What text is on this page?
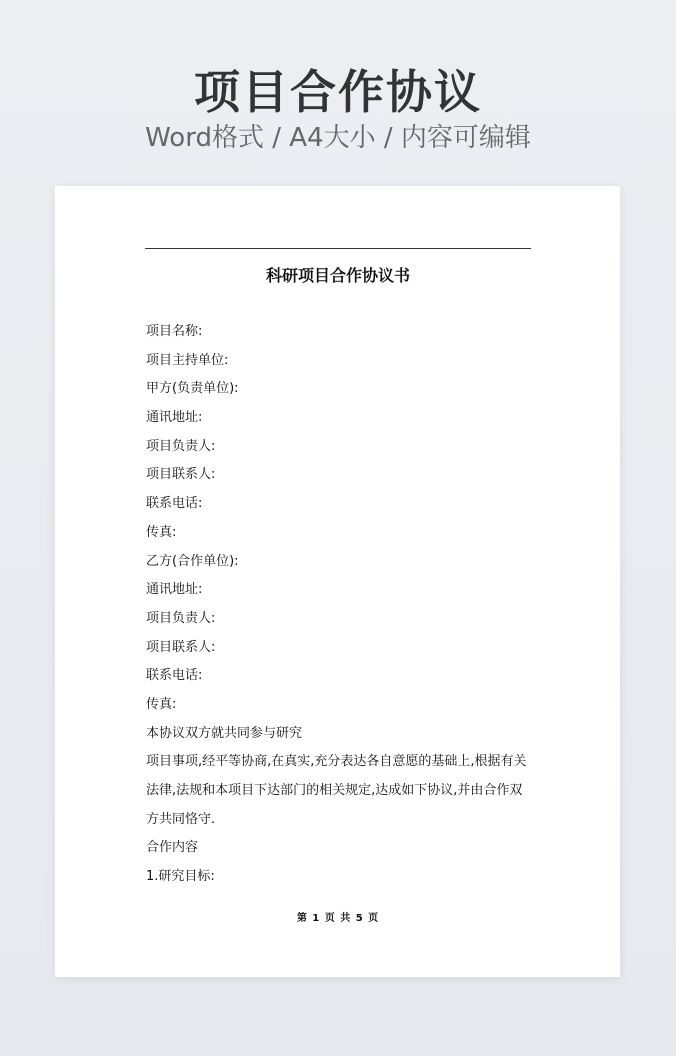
项目合作协议
Word格式 / A4大小 / 内容可编辑
科研项目合作协议书
项目名称:
项目主持单位:
甲方(负责单位):
通讯地址:
项目负责人:
项目联系人:
联系电话:
传真:
乙方(合作单位):
通讯地址:
项目负责人:
项目联系人:
联系电话:
传真:
本协议双方就共同参与研究
项目事项,经平等协商,在真实,充分表达各自意愿的基础上,根据有关
法律,法规和本项目下达部门的相关规定,达成如下协议,并由合作双
方共同恪守.
合作内容
1.研究目标:
第 1 页 共 5 页
